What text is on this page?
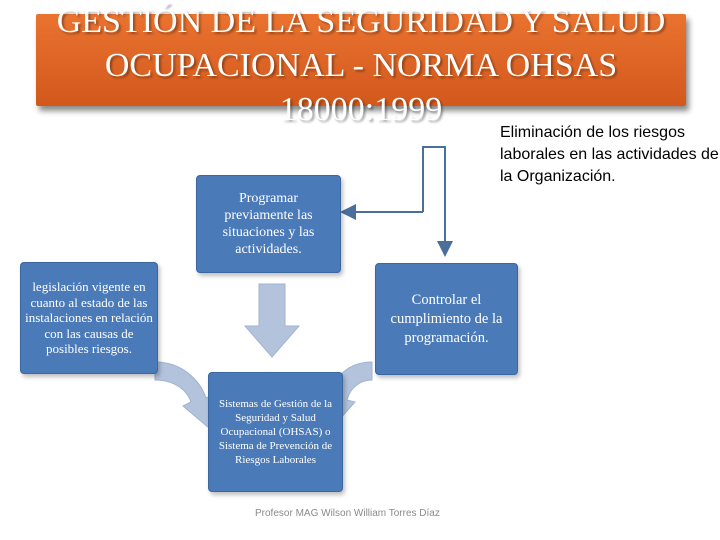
GESTIÓN DE LA SEGURIDAD Y SALUD
OCUPACIONAL - NORMA OHSAS
18000:1999
Eliminación de los riesgos laborales en las actividades de la Organización.
Programar previamente las situaciones y las actividades.
legislación vigente en cuanto al estado de las instalaciones en relación con las causas de posibles riesgos.
Controlar el cumplimiento de la programación.
Sistemas de Gestión de la Seguridad y Salud Ocupacional (OHSAS) o Sistema de Prevención de Riesgos Laborales
Profesor MAG Wilson William Torres Díaz
